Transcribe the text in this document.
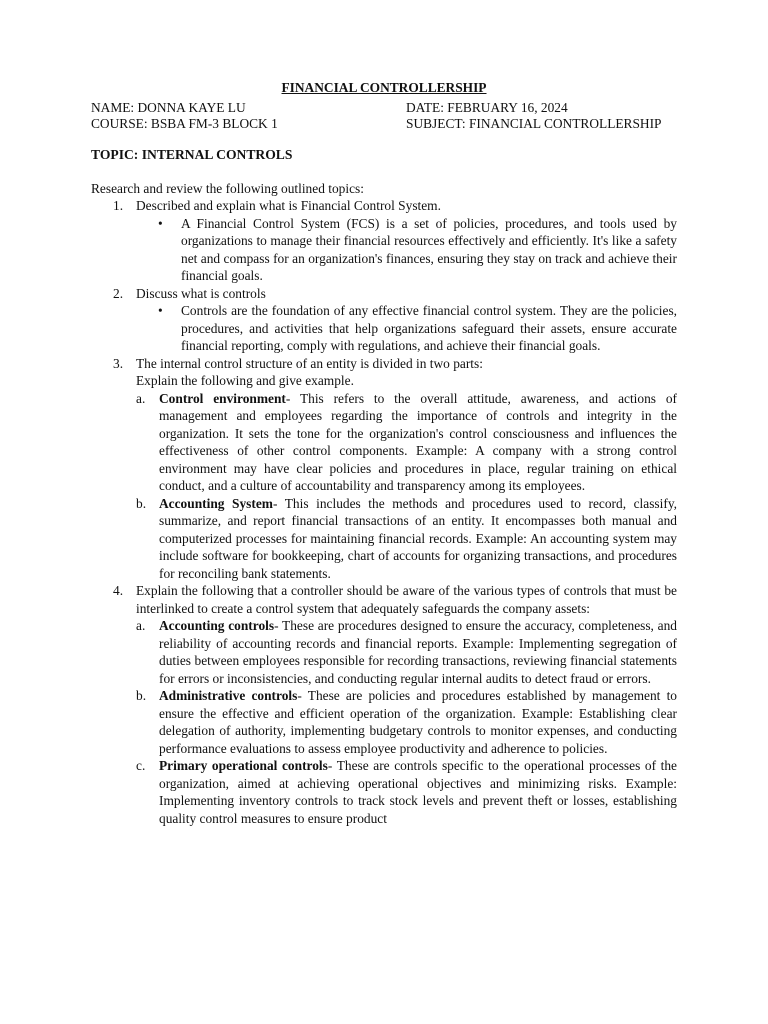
FINANCIAL CONTROLLERSHIP
NAME: DONNA KAYE LU	DATE: FEBRUARY 16, 2024
COURSE: BSBA FM-3 BLOCK 1	SUBJECT: FINANCIAL CONTROLLERSHIP
TOPIC: INTERNAL CONTROLS
Research and review the following outlined topics:
1. Described and explain what is Financial Control System.
• A Financial Control System (FCS) is a set of policies, procedures, and tools used by organizations to manage their financial resources effectively and efficiently. It's like a safety net and compass for an organization's finances, ensuring they stay on track and achieve their financial goals.
2. Discuss what is controls
• Controls are the foundation of any effective financial control system. They are the policies, procedures, and activities that help organizations safeguard their assets, ensure accurate financial reporting, comply with regulations, and achieve their financial goals.
3. The internal control structure of an entity is divided in two parts:
Explain the following and give example.
a. Control environment- This refers to the overall attitude, awareness, and actions of management and employees regarding the importance of controls and integrity in the organization. It sets the tone for the organization's control consciousness and influences the effectiveness of other control components. Example: A company with a strong control environment may have clear policies and procedures in place, regular training on ethical conduct, and a culture of accountability and transparency among its employees.
b. Accounting System- This includes the methods and procedures used to record, classify, summarize, and report financial transactions of an entity. It encompasses both manual and computerized processes for maintaining financial records. Example: An accounting system may include software for bookkeeping, chart of accounts for organizing transactions, and procedures for reconciling bank statements.
4. Explain the following that a controller should be aware of the various types of controls that must be interlinked to create a control system that adequately safeguards the company assets:
a. Accounting controls- These are procedures designed to ensure the accuracy, completeness, and reliability of accounting records and financial reports. Example: Implementing segregation of duties between employees responsible for recording transactions, reviewing financial statements for errors or inconsistencies, and conducting regular internal audits to detect fraud or errors.
b. Administrative controls- These are policies and procedures established by management to ensure the effective and efficient operation of the organization. Example: Establishing clear delegation of authority, implementing budgetary controls to monitor expenses, and conducting performance evaluations to assess employee productivity and adherence to policies.
c. Primary operational controls- These are controls specific to the operational processes of the organization, aimed at achieving operational objectives and minimizing risks. Example: Implementing inventory controls to track stock levels and prevent theft or losses, establishing quality control measures to ensure product
